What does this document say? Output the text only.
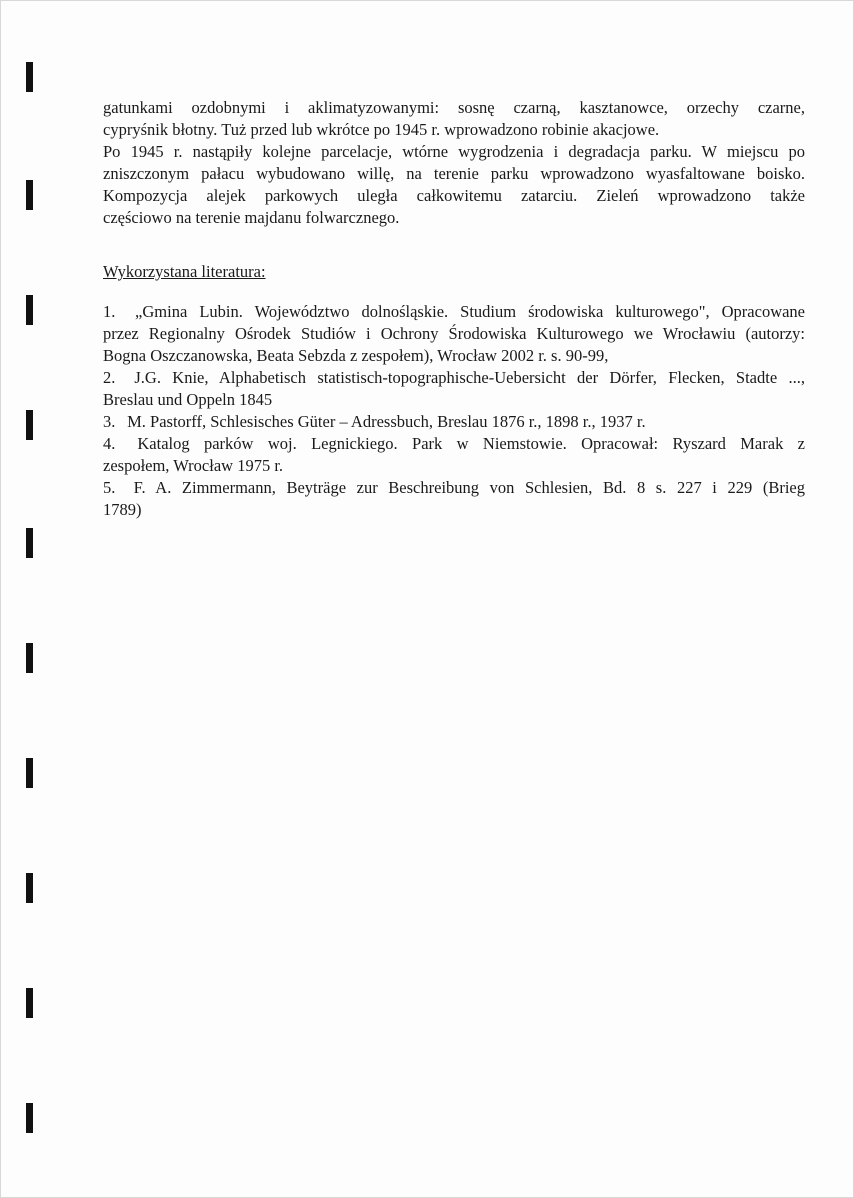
gatunkami ozdobnymi i aklimatyzowanymi: sosnę czarną, kasztanowce, orzechy czarne,
cypryśnik błotny. Tuż przed lub wkrótce po 1945 r. wprowadzono robinie akacjowe.
Po 1945 r. nastąpiły kolejne parcelacje, wtórne wygrodzenia i degradacja parku. W miejscu po
zniszczonym pałacu wybudowano willę, na terenie parku wprowadzono wyasfaltowane boisko.
Kompozycja alejek parkowych uległa całkowitemu zatarciu. Zieleń wprowadzono także
częściowo na terenie majdanu folwarcznego.
Wykorzystana literatura:
1. „Gmina Lubin. Województwo dolnośląskie. Studium środowiska kulturowego", Opracowane
przez Regionalny Ośrodek Studiów i Ochrony Środowiska Kulturowego we Wrocławiu (autorzy:
Bogna Oszczanowska, Beata Sebzda z zespołem), Wrocław 2002 r. s. 90-99,
2. J.G. Knie, Alphabetisch statistisch-topographische-Uebersicht der Dörfer, Flecken, Stadte ...,
Breslau und Oppeln 1845
3. M. Pastorff, Schlesisches Güter – Adressbuch, Breslau 1876 r., 1898 r., 1937 r.
4. Katalog parków woj. Legnickiego. Park w Niemstowie. Opracował: Ryszard Marak z
zespołem, Wrocław 1975 r.
5. F. A. Zimmermann, Beyträge zur Beschreibung von Schlesien, Bd. 8 s. 227 i 229 (Brieg
1789)
